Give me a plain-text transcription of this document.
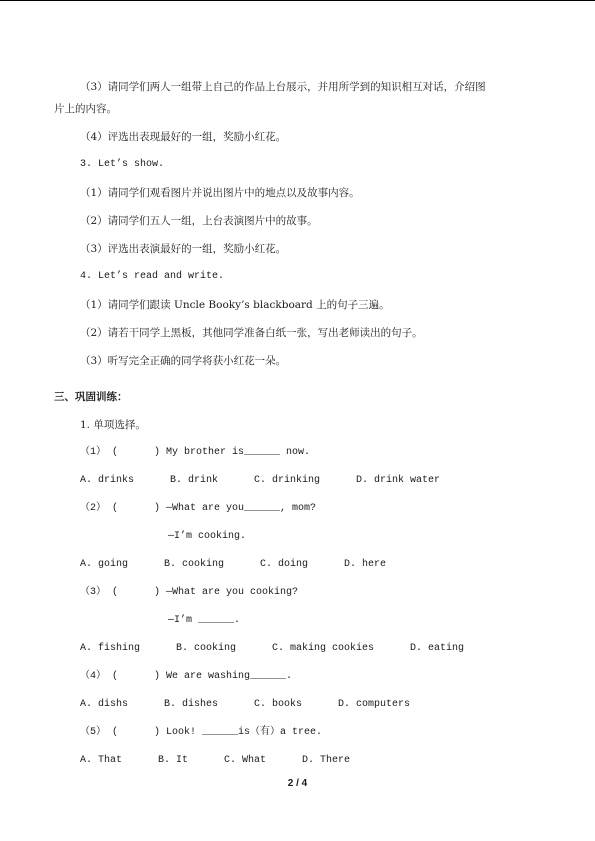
（3）请同学们两人一组带上自己的作品上台展示，并用所学到的知识相互对话，介绍图
片上的内容。
（4）评选出表现最好的一组，奖励小红花。
3. Let’s show.
（1）请同学们观看图片并说出图片中的地点以及故事内容。
（2）请同学们五人一组，上台表演图片中的故事。
（3）评选出表演最好的一组，奖励小红花。
4. Let’s read and write.
（1）请同学们跟读 Uncle Booky’s blackboard 上的句子三遍。
（2）请若干同学上黑板，其他同学准备白纸一张，写出老师读出的句子。
（3）听写完全正确的同学将获小红花一朵。
三、巩固训练：
1. 单项选择。
（1） (      ) My brother is______ now.
A. drinks      B. drink      C. drinking      D. drink water
（2） (      ) —What are you______, mom?
—I’m cooking.
A. going      B. cooking      C. doing      D. here
（3） (      ) —What are you cooking?
—I’m ______.
A. fishing      B. cooking      C. making cookies      D. eating
（4） (      ) We are washing______.
A. dishs      B. dishes      C. books      D. computers
（5） (      ) Look! ______is（有）a tree.
A. That      B. It      C. What      D. There
2 / 4
